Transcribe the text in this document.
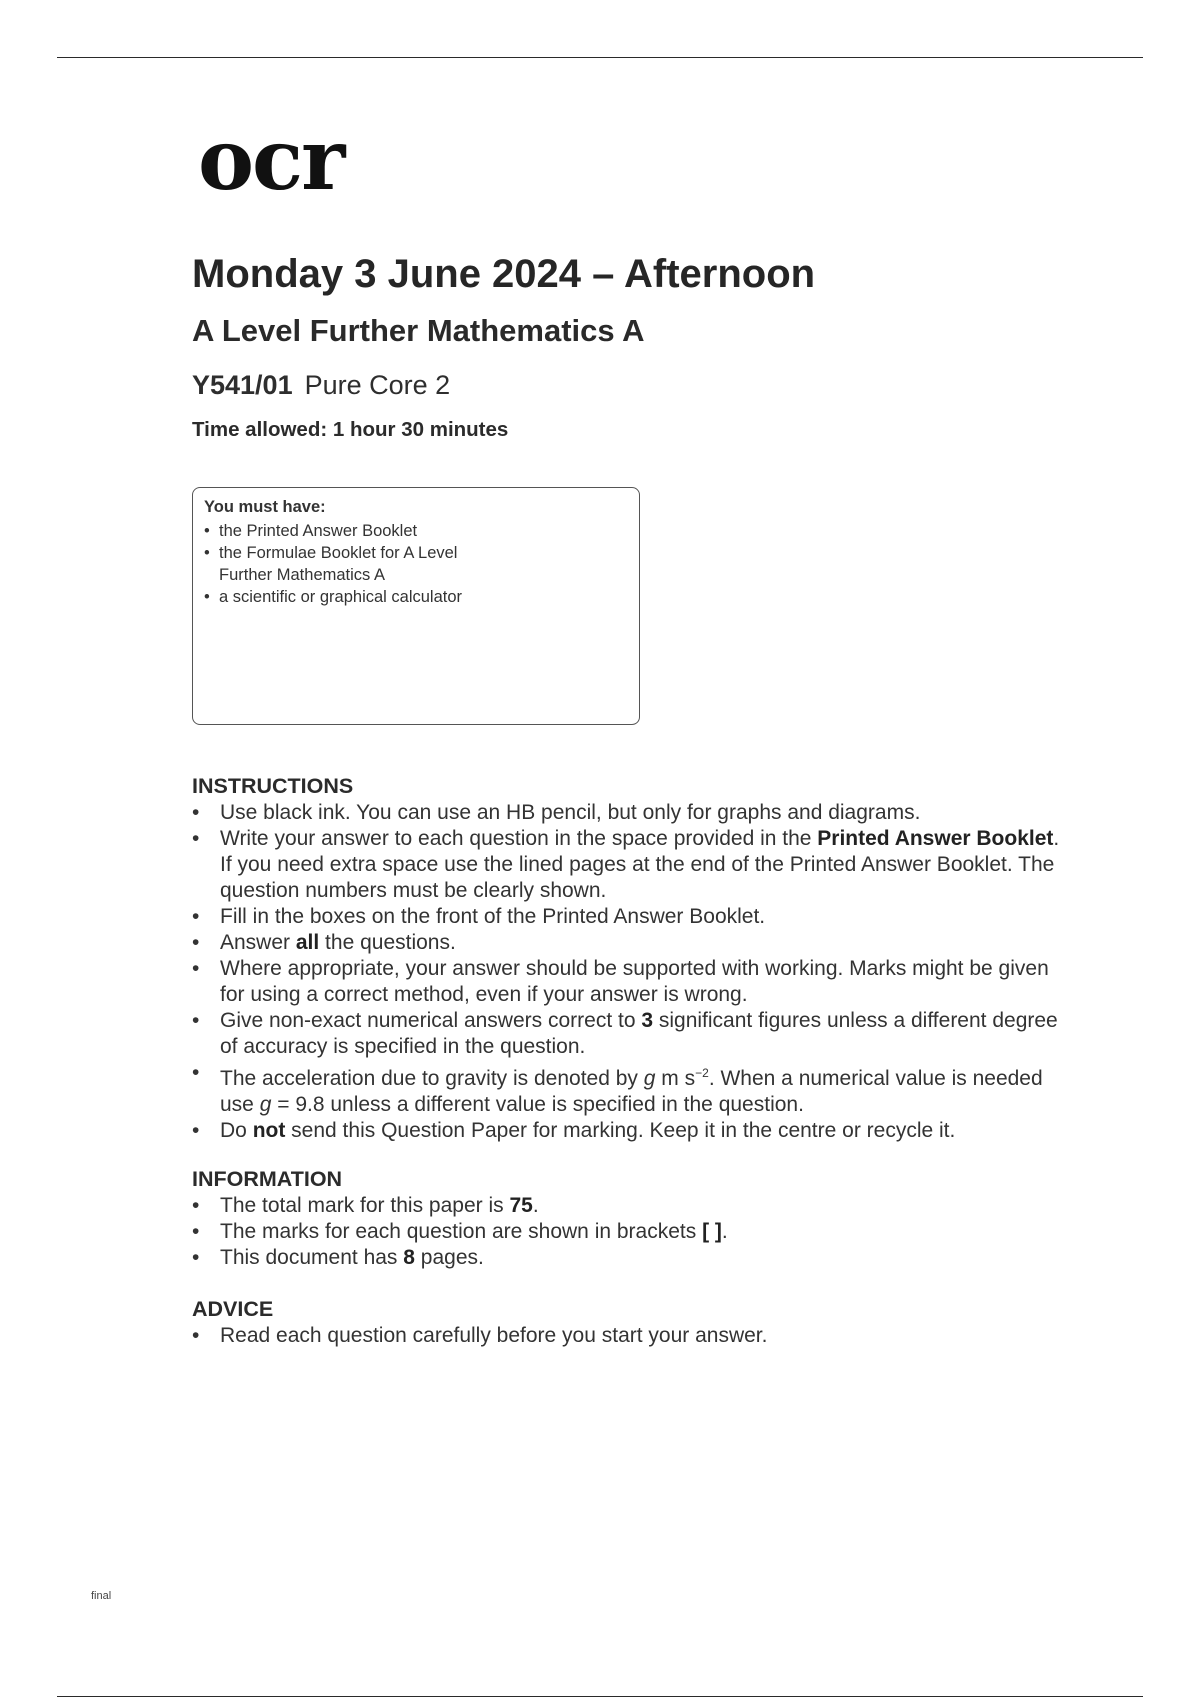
ocr
Monday 3 June 2024 – Afternoon
A Level Further Mathematics A
Y541/01 Pure Core 2
Time allowed: 1 hour 30 minutes
You must have:
• the Printed Answer Booklet
• the Formulae Booklet for A Level
Further Mathematics A
• a scientific or graphical calculator
INSTRUCTIONS
• Use black ink. You can use an HB pencil, but only for graphs and diagrams.
• Write your answer to each question in the space provided in the Printed Answer Booklet. If you need extra space use the lined pages at the end of the Printed Answer Booklet. The question numbers must be clearly shown.
• Fill in the boxes on the front of the Printed Answer Booklet.
• Answer all the questions.
• Where appropriate, your answer should be supported with working. Marks might be given for using a correct method, even if your answer is wrong.
• Give non-exact numerical answers correct to 3 significant figures unless a different degree of accuracy is specified in the question.
• The acceleration due to gravity is denoted by g m $s^{-2}$. When a numerical value is needed use g = 9.8 unless a different value is specified in the question.
• Do not send this Question Paper for marking. Keep it in the centre or recycle it.
INFORMATION
• The total mark for this paper is 75.
• The marks for each question are shown in brackets [ ].
• This document has 8 pages.
ADVICE
• Read each question carefully before you start your answer.
final
